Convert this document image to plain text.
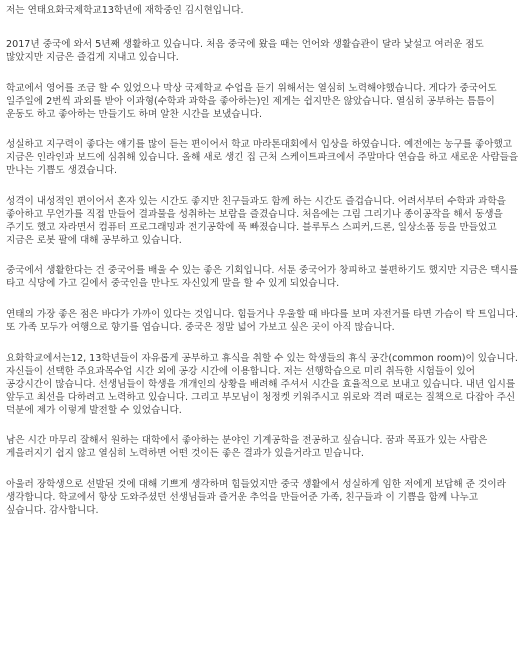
저는 연태요화국제학교13학년에 재학중인 김시현입니다.

2017년 중국에 와서 5년째 생활하고 있습니다. 처음 중국에 왔을 때는 언어와 생활습관이 달라 낯설고 여러운 점도 많았지만 지금은 즐겁게 지내고 있습니다.

학교에서 영어를 조금 할 수 있었으나 막상 국제학교 수업을 듣기 위해서는 열심히 노력해야했습니다. 게다가 중국어도 일주일에 2번씩 과외를 받아 이과형(수학과 과학을 좋아하는)인 제게는 쉽지만은 않았습니다. 열심히 공부하는 틈틈이 운동도 하고 좋아하는 만들기도 하며 알찬 시간을 보냈습니다.

성실하고 지구력이 좋다는 얘기를 많이 듣는 편이어서 학교 마라톤대회에서 입상을 하였습니다. 예전에는 농구를 좋아했고 지금은 인라인과 보드에 심취해 있습니다. 올해 새로 생긴 집 근처 스케이트파크에서 주말마다 연습을 하고 새로운 사람들을 만나는 기쁨도 생겼습니다.

성격이 내성적인 편이어서 혼자 있는 시간도 좋지만 친구들과도 함께 하는 시간도 즐겁습니다. 어려서부터 수학과 과학을 좋아하고 무언가를 직접 만들어 결과물을 성취하는 보람을 즐겼습니다. 처음에는 그림 그리기나 종이공작을 해서 동생을 주기도 했고 자라면서 컴퓨터 프로그래밍과 전기공학에 푹 빠졌습니다. 블루투스 스피커,드론, 일상소품 등을 만들었고 지금은 로봇 팔에 대해 공부하고 있습니다.

중국에서 생활한다는 건 중국어를 배울 수 있는 좋은 기회입니다. 서툰 중국어가 창피하고 불편하기도 했지만 지금은 택시를 타고 식당에 가고 길에서 중국인을 만나도 자신있게 말을 할 수 있게 되었습니다.

연태의 가장 좋은 점은 바다가 가까이 있다는 것입니다. 힘들거나 우울할 때 바다를 보며 자전거를 타면 가슴이 탁 트입니다. 또 가족 모두가 여행으로 향기를 엽습니다. 중국은 정말 넓어 가보고 싶은 곳이 아직 많습니다.

요화학교에서는12, 13학년들이 자유롭게 공부하고 휴식을 취할 수 있는 학생들의 휴식 공간(common room)이 있습니다. 자신들이 선택한 주요과목수업 시간 외에 공강 시간에 이용합니다. 저는 선행학습으로 미리 취득한 시험들이 있어 공강시간이 많습니다. 선생님들이 학생을 개개인의 상황을 배려해 주셔서 시간을 효율적으로 보내고 있습니다. 내년 입시를 앞두고 최선을 다하려고 노력하고 있습니다. 그리고 부모님이 청정켓 키워주시고 위로와 격려 때로는 질책으로 다잡아 주신 덕분에 제가 이렇게 발전할 수 있었습니다.

남은 시간 마무리 잘해서 원하는 대학에서 좋아하는 분야인 기계공학을 전공하고 싶습니다. 꿈과 목표가 있는 사람은 게을러지기 쉽지 않고 열심히 노력하면 어떤 것이든 좋은 결과가 있을거라고 믿습니다.

아울러 장학생으로 선발된 것에 대해 기쁘게 생각하며 힘들었지만 중국 생활에서 성실하게 임한 저에게 보답해 준 것이라 생각합니다. 학교에서 항상 도와주셨던 선생님들과 즐거운 추억을 만들어준 가족, 친구들과 이 기쁨을 함께 나누고 싶습니다. 감사합니다.
